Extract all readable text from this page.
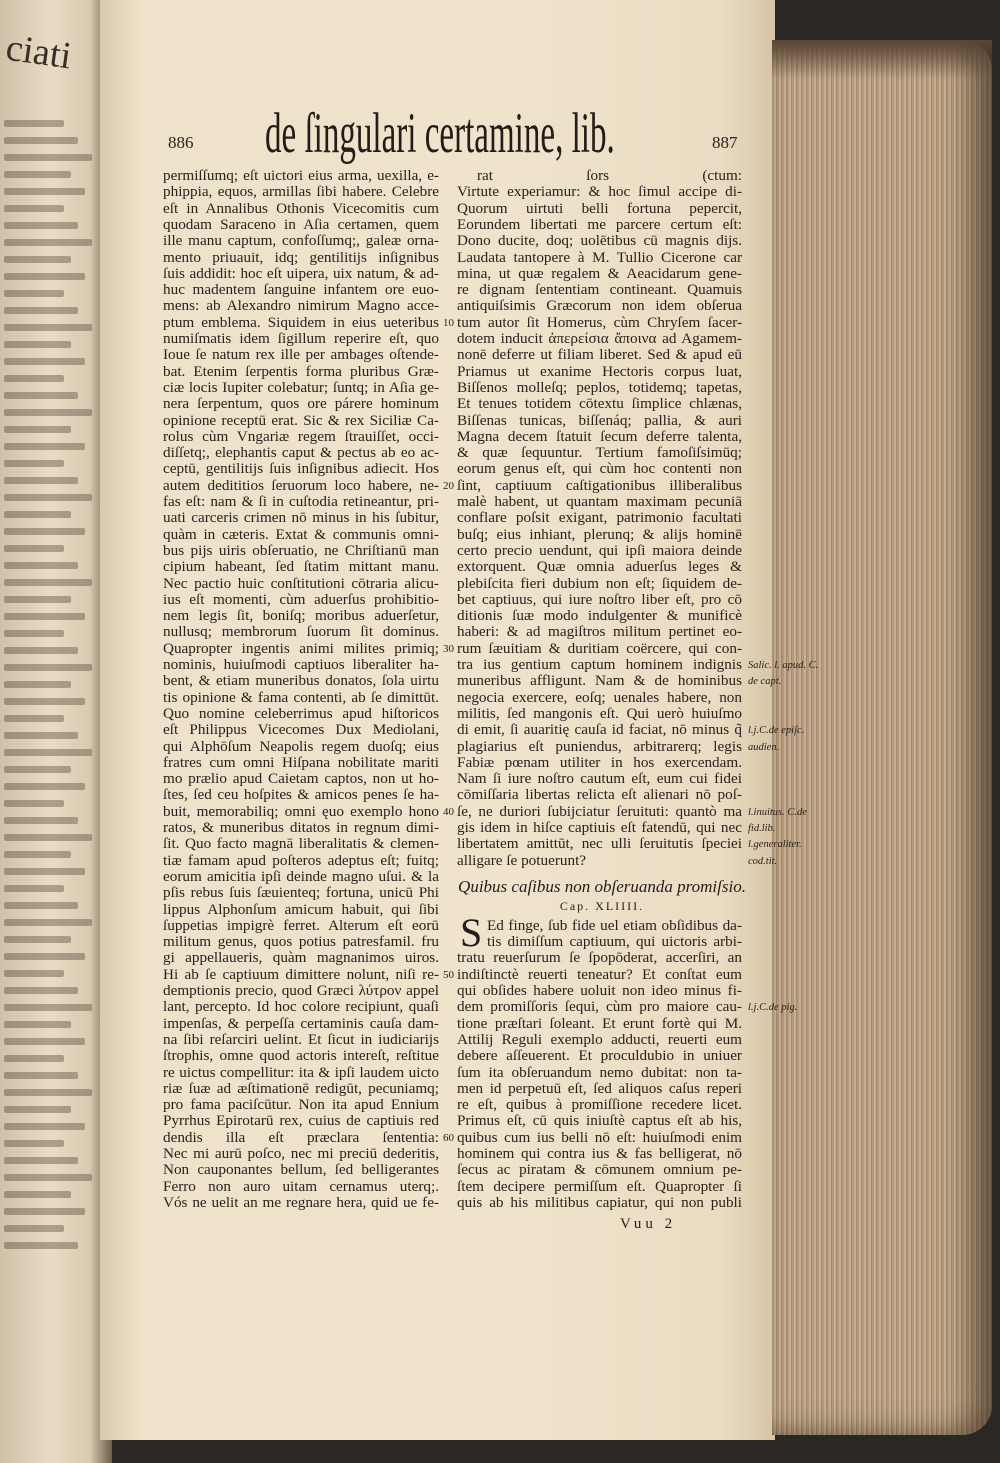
ciati
886 de ſingulari certamine, lib.	887
permiſſumq; eſt uictori eius arma, uexilla, e-
phippia, equos, armillas ſibi habere. Celebre
eſt in Annalibus Othonis Vicecomitis cum
quodam Saraceno in Aſia certamen, quem
ille manu captum, confoſſumq;, galeæ orna-
mento priuauit, idq; gentilitijs inſignibus
ſuis addidit: hoc eſt uipera, uix natum, & ad-
huc madentem ſanguine infantem ore euo-
mens: ab Alexandro nimirum Magno acce-
ptum emblema. Siquidem in eius ueteribus
numiſmatis idem ſigillum reperire eſt, quo
Ioue ſe natum rex ille per ambages oſtende-
bat. Etenim ſerpentis forma pluribus Græ-
ciæ locis Iupiter colebatur; ſuntq; in Aſia ge-
nera ſerpentum, quos ore párere hominum
opinione receptū erat. Sic & rex Siciliæ Ca-
rolus cùm Vngariæ regem ſtrauiſſet, occi-
diſſetq;, elephantis caput & pectus ab eo ac-
ceptū, gentilitijs ſuis inſignibus adiecit. Hos
autem dedititios ſeruorum loco habere, ne-
fas eſt: nam & ſi in cuſtodia retineantur, pri-
uati carceris crimen nō minus in his ſubitur,
quàm in cæteris. Extat & communis omni-
bus pijs uiris obſeruatio, ne Chriſtianū man
cipium habeant, ſed ſtatim mittant manu.
Nec pactio huic conſtitutioni cōtraria alicu-
ius eſt momenti, cùm aduerſus prohibitio-
nem legis ſit, boniſq; moribus aduerſetur,
nullusq; membrorum ſuorum ſit dominus.
Quapropter ingentis animi milites primiq;
nominis, huiuſmodi captiuos liberaliter ha-
bent, & etiam muneribus donatos, ſola uirtu
tis opinione & fama contenti, ab ſe dimittūt.
Quo nomine celeberrimus apud hiſtoricos
eſt Philippus Vicecomes Dux Mediolani,
qui Alphōſum Neapolis regem duoſq; eius
fratres cum omni Hiſpana nobilitate mariti
mo prælio apud Caietam captos, non ut ho-
ſtes, ſed ceu hoſpites & amicos penes ſe ha-
buit, memorabiliq; omni ęuo exemplo hono
ratos, & muneribus ditatos in regnum dimi-
ſit. Quo facto magnā liberalitatis & clemen-
tiæ famam apud poſteros adeptus eſt; fuitq;
eorum amicitia ipſi deinde magno uſui. & la
pſis rebus ſuis ſæuienteq; fortuna, unicū Phi
lippus Alphonſum amicum habuit, qui ſibi
ſuppetias impigrè ferret. Alterum eſt eorū
militum genus, quos potius patresfamil. fru
gi appellaueris, quàm magnanimos uiros.
Hi ab ſe captiuum dimittere nolunt, niſi re-
demptionis precio, quod Græci λύτρον appel
lant, percepto. Id hoc colore recipiunt, quaſi
impenſas, & perpeſſa certaminis cauſa dam-
na ſibi reſarciri uelint. Et ſicut in iudiciarijs
ſtrophis, omne quod actoris intereſt, reſtitue
re uictus compellitur: ita & ipſi laudem uicto
riæ ſuæ ad æſtimationē redigūt, pecuniamq;
pro fama paciſcūtur. Non ita apud Ennium
Pyrrhus Epirotarū rex, cuius de captiuis red
dendis illa eſt præclara ſententia:
Nec mi aurū poſco, nec mi preciū dederitis,
Non cauponantes bellum, ſed belligerantes
Ferro non auro uitam cernamus uterq;.
Vós ne uelit an me regnare hera, quid ue fe-
rat ſors (ctum:
Virtute experiamur: & hoc ſimul accipe di-
Quorum uirtuti belli fortuna pepercit,
Eorundem libertati me parcere certum eſt:
Dono ducite, doq; uolētibus cū magnis dijs.
Laudata tantopere à M. Tullio Cicerone car
mina, ut quæ regalem & Aeacidarum gene-
re dignam ſententiam contineant. Quamuis
antiquiſsimis Græcorum non idem obſerua
tum autor ſit Homerus, cùm Chryſem ſacer-
dotem inducit ἀπερείσια ἄποινα ad Agamem-
nonē deferre ut filiam liberet. Sed & apud eū
Priamus ut exanime Hectoris corpus luat,
Biſſenos molleſq; peplos, totidemq; tapetas,
Et tenues totidem cōtextu ſimplice chlænas,
Biſſenas tunicas, biſſenáq; pallia, & auri
Magna decem ſtatuit ſecum deferre talenta,
& quæ ſequuntur. Tertium famoſiſsimūq;
eorum genus eſt, qui cùm hoc contenti non
ſint, captiuum caſtigationibus illiberalibus
malè habent, ut quantam maximam pecuniā
conflare poſsit exigant, patrimonio facultati
buſq; eius inhiant, plerunq; & alijs hominē
certo precio uendunt, qui ipſi maiora deinde
extorquent. Quæ omnia aduerſus leges &
plebiſcita fieri dubium non eſt; ſiquidem de-
bet captiuus, qui iure noſtro liber eſt, pro cō
ditionis ſuæ modo indulgenter & munificè
haberi: & ad magiſtros militum pertinet eo-
rum ſæuitiam & duritiam coërcere, qui con-
tra ius gentium captum hominem indignis
muneribus affligunt. Nam & de hominibus
negocia exercere, eoſq; uenales habere, non
militis, ſed mangonis eſt. Qui uerò huiuſmo
di emit, ſi auaritię cauſa id faciat, nō minus q̃
plagiarius eſt puniendus, arbitrarerq; legis
Fabiæ pœnam utiliter in hos exercendam.
Nam ſi iure noſtro cautum eſt, eum cui fidei
cōmiſſaria libertas relicta eſt alienari nō poſ-
ſe, ne duriori ſubijciatur ſeruituti: quantò ma
gis idem in hiſce captiuis eſt fatendū, qui nec
libertatem amittūt, nec ulli ſeruitutis ſpeciei
alligare ſe potuerunt?
Ed finge, ſub fide uel etiam obſidibus da-
tis dimiſſum captiuum, qui uictoris arbi-
tratu reuerſurum ſe ſpopōderat, accerſiri, an
indiſtinctè reuerti teneatur? Et conſtat eum
qui obſides habere uoluit non ideo minus fi-
dem promiſſoris ſequi, cùm pro maiore cau-
tione præſtari ſoleant. Et erunt fortè qui M.
Attilij Reguli exemplo adducti, reuerti eum
debere aſſeuerent. Et proculdubio in uniuer
ſum ita obſeruandum nemo dubitat: non ta-
men id perpetuū eſt, ſed aliquos caſus reperi
re eſt, quibus à promiſſione recedere licet.
Primus eſt, cū quis iniuſtè captus eſt ab his,
quibus cum ius belli nō eſt: huiuſmodi enim
hominem qui contra ius & fas belligerat, nō
ſecus ac piratam & cōmunem omnium pe-
ſtem decipere permiſſum eſt. Quapropter ſi
quis ab his militibus capiatur, qui non publi
Quibus caſibus non obſeruanda promiſsio.
Cap. XLIIII.
S
Vuu 2
10
20
30
40
50
60
Salic. l. apud. C.
de capt.
l.j.C.de epiſc.
audien.
l.inuitus. C.de
fid.lib.
l.generaliter.
cod.tit.
l.j.C.de pig.
